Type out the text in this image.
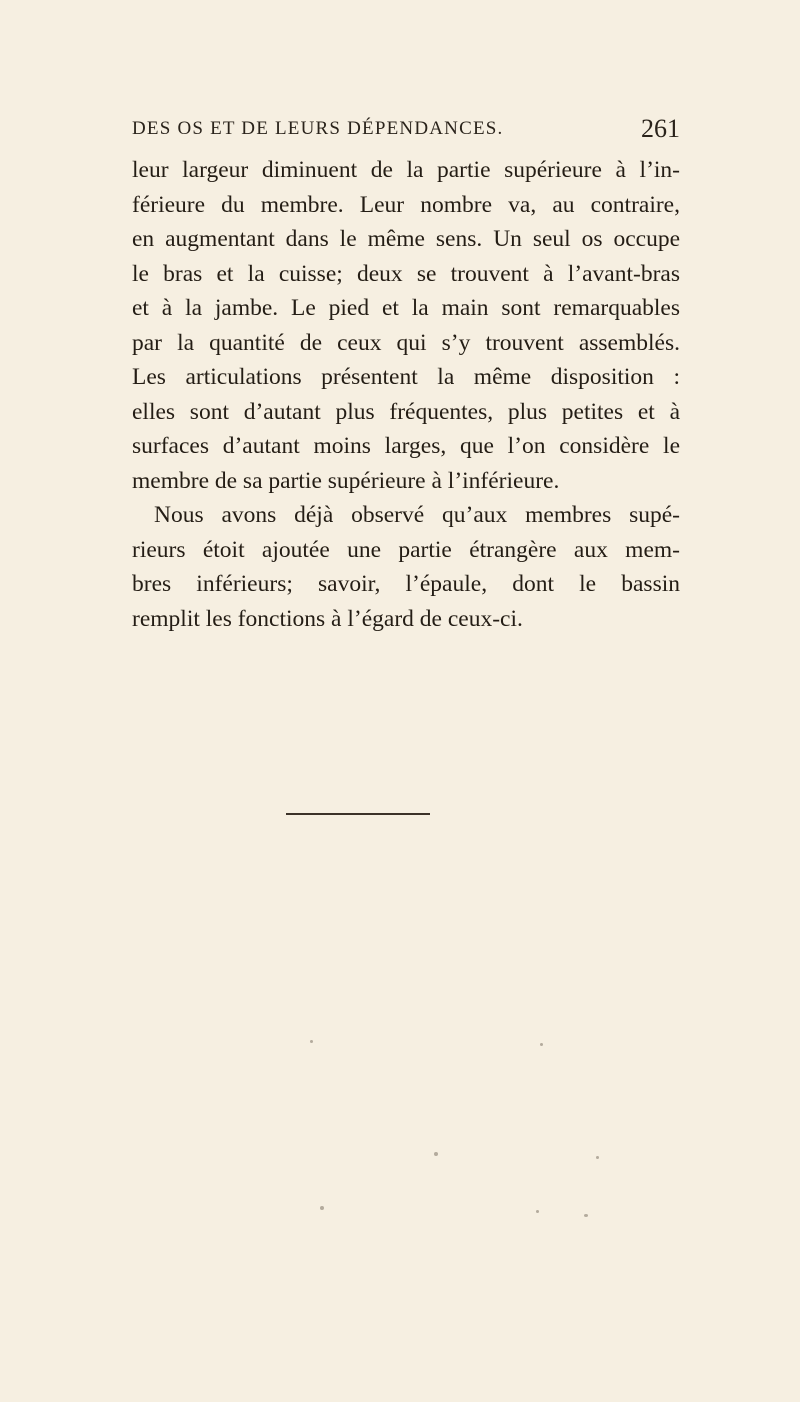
DES OS ET DE LEURS DÉPENDANCES.	261
leur largeur diminuent de la partie supérieure à l’in-
férieure du membre. Leur nombre va, au contraire,
en augmentant dans le même sens. Un seul os occupe
le bras et la cuisse; deux se trouvent à l’avant-bras
et à la jambe. Le pied et la main sont remarquables
par la quantité de ceux qui s’y trouvent assemblés.
Les articulations présentent la même disposition :
elles sont d’autant plus fréquentes, plus petites et à
surfaces d’autant moins larges, que l’on considère le
membre de sa partie supérieure à l’inférieure.
Nous avons déjà observé qu’aux membres supé-
rieurs étoit ajoutée une partie étrangère aux mem-
bres inférieurs; savoir, l’épaule, dont le bassin
remplit les fonctions à l’égard de ceux-ci.
